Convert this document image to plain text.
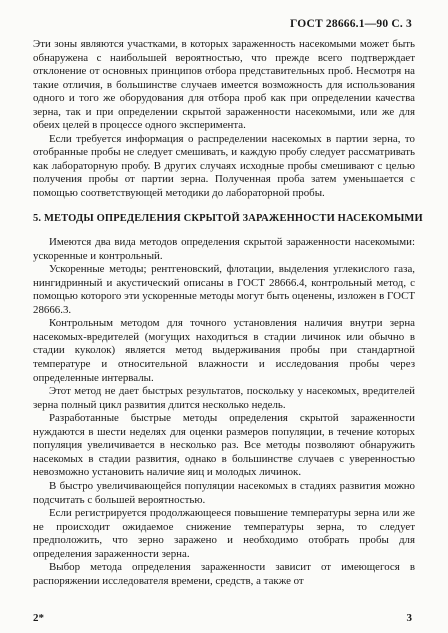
ГОСТ 28666.1—90 С. 3

Эти зоны являются участками, в которых зараженность насекомыми может быть обнаружена с наибольшей вероятностью, что прежде всего подтверждает отклонение от основных принципов отбора представительных проб. Несмотря на такие отличия, в большинстве случаев имеется возможность для использования одного и того же оборудования для отбора проб как при определении качества зерна, так и при определении скрытой зараженности насекомыми, или же для обеих целей в процессе одного эксперимента.

Если требуется информация о распределении насекомых в партии зерна, то отобранные пробы не следует смешивать, и каждую пробу следует рассматривать как лабораторную пробу. В других случаях исходные пробы смешивают с целью получения пробы от партии зерна. Полученная проба затем уменьшается с помощью соответствующей методики до лабораторной пробы.

5. МЕТОДЫ ОПРЕДЕЛЕНИЯ СКРЫТОЙ ЗАРАЖЕННОСТИ НАСЕКОМЫМИ

Имеются два вида методов определения скрытой зараженности насекомыми: ускоренные и контрольный.

Ускоренные методы; рентгеновский, флотации, выделения углекислого газа, нингидринный и акустический описаны в ГОСТ 28666.4, контрольный метод, с помощью которого эти ускоренные методы могут быть оценены, изложен в ГОСТ 28666.3.

Контрольным методом для точного установления наличия внутри зерна насекомых-вредителей (могущих находиться в стадии личинок или обычно в стадии куколок) является метод выдерживания пробы при стандартной температуре и относительной влажности и исследования пробы через определенные интервалы.

Этот метод не дает быстрых результатов, поскольку у насекомых, вредителей зерна полный цикл развития длится несколько недель.

Разработанные быстрые методы определения скрытой зараженности нуждаются в шести неделях для оценки размеров популяции, в течение которых популяция увеличивается в несколько раз. Все методы позволяют обнаружить насекомых в стадии развития, однако в большинстве случаев с уверенностью невозможно установить наличие яиц и молодых личинок.

В быстро увеличивающейся популяции насекомых в стадиях развития можно подсчитать с большей вероятностью.

Если регистрируется продолжающееся повышение температуры зерна или же не происходит ожидаемое снижение температуры зерна, то следует предположить, что зерно заражено и необходимо отобрать пробы для определения зараженности зерна.

Выбор метода определения зараженности зависит от имеющегося в распоряжении исследователя времени, средств, а также от

2*	3
